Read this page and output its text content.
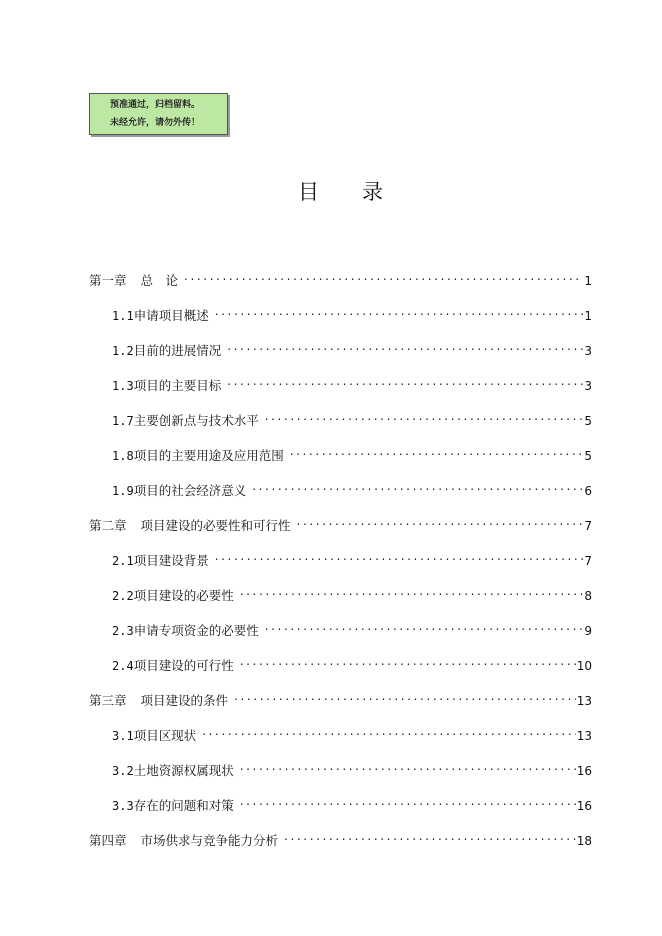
预准通过，归档留料。
未经允许，请勿外传！
目 录
第一章 总　论 .....	1
1.1 申请项目概述 .....	1
1.2 目前的进展情况 .....	3
1.3 项目的主要目标 .....	3
1.7 主要创新点与技术水平 .....	5
1.8 项目的主要用途及应用范围 .....	5
1.9 项目的社会经济意义 .....	6
第二章 项目建设的必要性和可行性 .....	7
2.1 项目建设背景 .....	7
2.2 项目建设的必要性 .....	8
2.3 申请专项资金的必要性 .....	9
2.4 项目建设的可行性 .....	10
第三章 项目建设的条件 .....	13
3.1 项目区现状 .....	13
3.2 土地资源权属现状 .....	16
3.3 存在的问题和对策 .....	16
第四章 市场供求与竞争能力分析 .....	18
